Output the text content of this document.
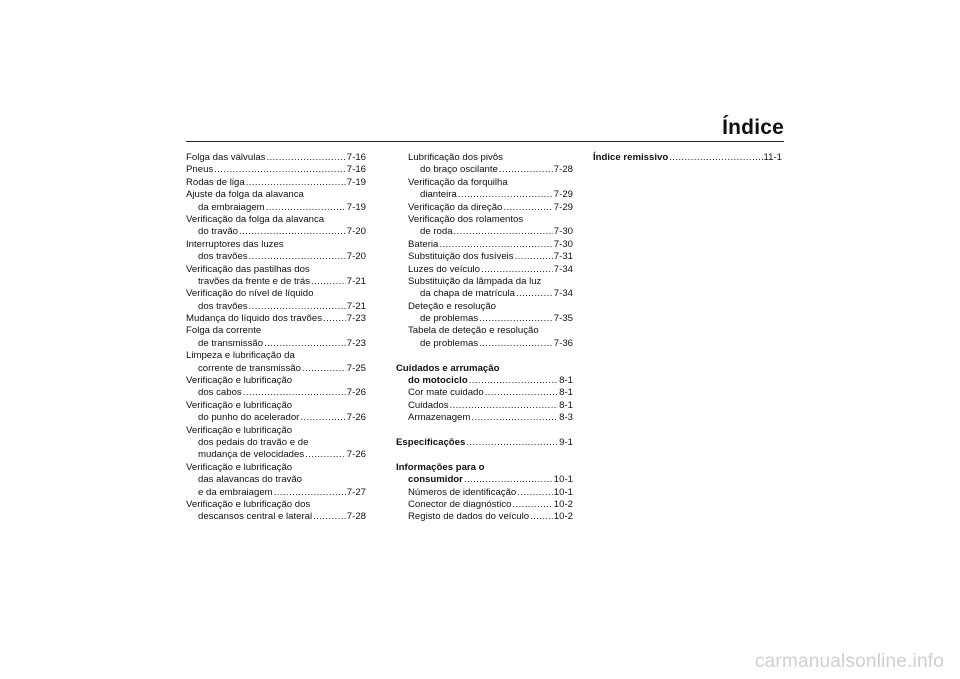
Índice
Folga das válvulas .....	7-16
Pneus .....	7-16
Rodas de liga .....	7-19
Ajuste da folga da alavanca
da embraiagem .....	7-19
Verificação da folga da alavanca
do travão .....	7-20
Interruptores das luzes
dos travões .....	7-20
Verificação das pastilhas dos
travões da frente e de trás .....	7-21
Verificação do nível de líquido
dos travões .....	7-21
Mudança do líquido dos travões .....	7-23
Folga da corrente
de transmissão .....	7-23
Limpeza e lubrificação da
corrente de transmissão .....	7-25
Verificação e lubrificação
dos cabos .....	7-26
Verificação e lubrificação
do punho do acelerador .....	7-26
Verificação e lubrificação
dos pedais do travão e de
mudança de velocidades .....	7-26
Verificação e lubrificação
das alavancas do travão
e da embraiagem .....	7-27
Verificação e lubrificação dos
descansos central e lateral .....	7-28
Lubrificação dos pivôs
do braço oscilante .....	7-28
Verificação da forquilha
dianteira .....	7-29
Verificação da direção .....	7-29
Verificação dos rolamentos
de roda .....	7-30
Bateria .....	7-30
Substituição dos fusíveis .....	7-31
Luzes do veículo .....	7-34
Substituição da lâmpada da luz
da chapa de matrícula .....	7-34
Deteção e resolução
de problemas .....	7-35
Tabela de deteção e resolução
de problemas .....	7-36
Cuidados e arrumação
do motociclo .....	8-1
Cor mate cuidado .....	8-1
Cuidados .....	8-1
Armazenagem .....	8-3
Especificações .....	9-1
Informações para o
consumidor .....	10-1
Números de identificação .....	10-1
Conector de diagnóstico .....	10-2
Registo de dados do veículo .....	10-2
Índice remissivo .....	11-1
carmanualsonline.info
